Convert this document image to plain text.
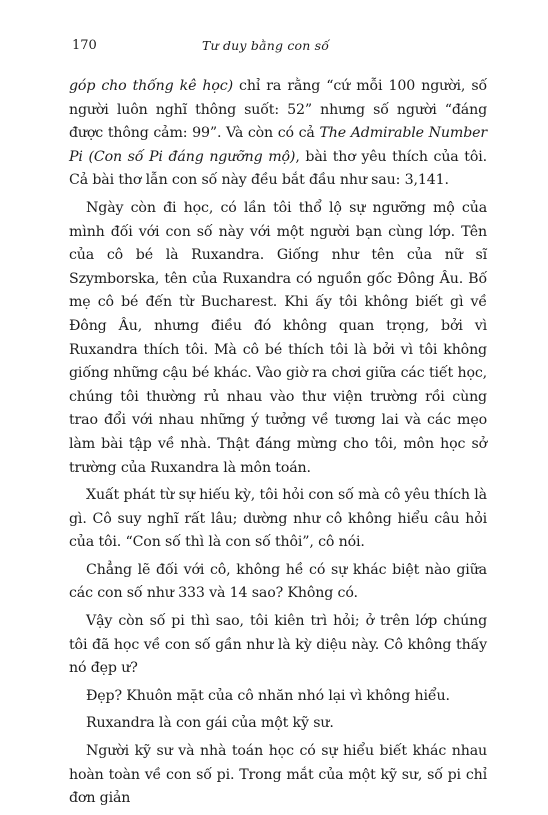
170	Tư duy bằng con số

góp cho thống kê học) chỉ ra rằng “cứ mỗi 100 người, số người luôn nghĩ thông suốt: 52” nhưng số người “đáng được thông cảm: 99”. Và còn có cả The Admirable Number Pi (Con số Pi đáng ngưỡng mộ), bài thơ yêu thích của tôi. Cả bài thơ lẫn con số này đều bắt đầu như sau: 3,141.

Ngày còn đi học, có lần tôi thổ lộ sự ngưỡng mộ của mình đối với con số này với một người bạn cùng lớp. Tên của cô bé là Ruxandra. Giống như tên của nữ sĩ Szymborska, tên của Ruxandra có nguồn gốc Đông Âu. Bố mẹ cô bé đến từ Bucharest. Khi ấy tôi không biết gì về Đông Âu, nhưng điều đó không quan trọng, bởi vì Ruxandra thích tôi. Mà cô bé thích tôi là bởi vì tôi không giống những cậu bé khác. Vào giờ ra chơi giữa các tiết học, chúng tôi thường rủ nhau vào thư viện trường rồi cùng trao đổi với nhau những ý tưởng về tương lai và các mẹo làm bài tập về nhà. Thật đáng mừng cho tôi, môn học sở trường của Ruxandra là môn toán.

Xuất phát từ sự hiếu kỳ, tôi hỏi con số mà cô yêu thích là gì. Cô suy nghĩ rất lâu; dường như cô không hiểu câu hỏi của tôi. “Con số thì là con số thôi”, cô nói.

Chẳng lẽ đối với cô, không hề có sự khác biệt nào giữa các con số như 333 và 14 sao? Không có.

Vậy còn số pi thì sao, tôi kiên trì hỏi; ở trên lớp chúng tôi đã học về con số gần như là kỳ diệu này. Cô không thấy nó đẹp ư?

Đẹp? Khuôn mặt của cô nhăn nhó lại vì không hiểu.

Ruxandra là con gái của một kỹ sư.

Người kỹ sư và nhà toán học có sự hiểu biết khác nhau hoàn toàn về con số pi. Trong mắt của một kỹ sư, số pi chỉ đơn giản
